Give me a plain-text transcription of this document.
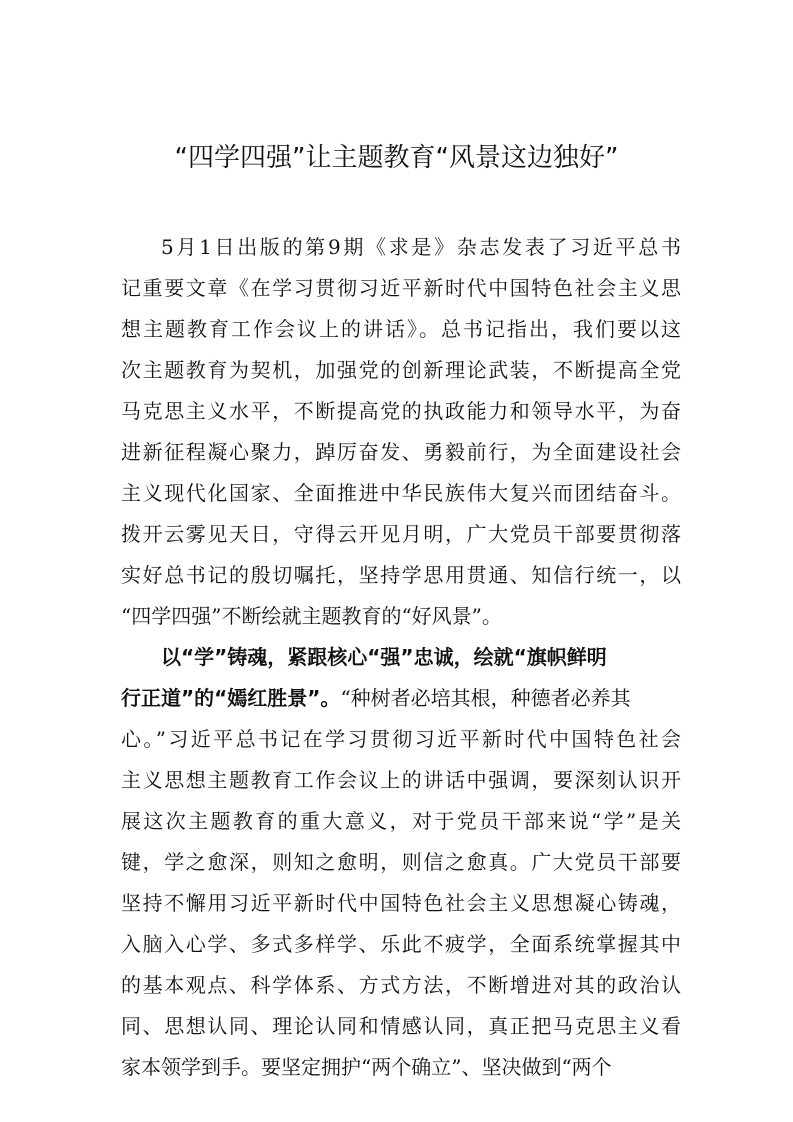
“四学四强”让主题教育“风景这边独好”
5月1日出版的第9期《求是》杂志发表了习近平总书
记重要文章《在学习贯彻习近平新时代中国特色社会主义思
想主题教育工作会议上的讲话》。总书记指出，我们要以这
次主题教育为契机，加强党的创新理论武装，不断提高全党
马克思主义水平，不断提高党的执政能力和领导水平，为奋
进新征程凝心聚力，踔厉奋发、勇毅前行，为全面建设社会
主义现代化国家、全面推进中华民族伟大复兴而团结奋斗。
拨开云雾见天日，守得云开见月明，广大党员干部要贯彻落
实好总书记的殷切嘱托，坚持学思用贯通、知信行统一，以
“四学四强”不断绘就主题教育的“好风景”。
以“学”铸魂，紧跟核心“强”忠诚，绘就“旗帜鲜明
行正道”的“嫣红胜景”。“种树者必培其根，种德者必养其
心。”习近平总书记在学习贯彻习近平新时代中国特色社会
主义思想主题教育工作会议上的讲话中强调，要深刻认识开
展这次主题教育的重大意义，对于党员干部来说“学”是关
键，学之愈深，则知之愈明，则信之愈真。广大党员干部要
坚持不懈用习近平新时代中国特色社会主义思想凝心铸魂，
入脑入心学、多式多样学、乐此不疲学，全面系统掌握其中
的基本观点、科学体系、方式方法，不断增进对其的政治认
同、思想认同、理论认同和情感认同，真正把马克思主义看
家本领学到手。要坚定拥护“两个确立”、坚决做到“两个
